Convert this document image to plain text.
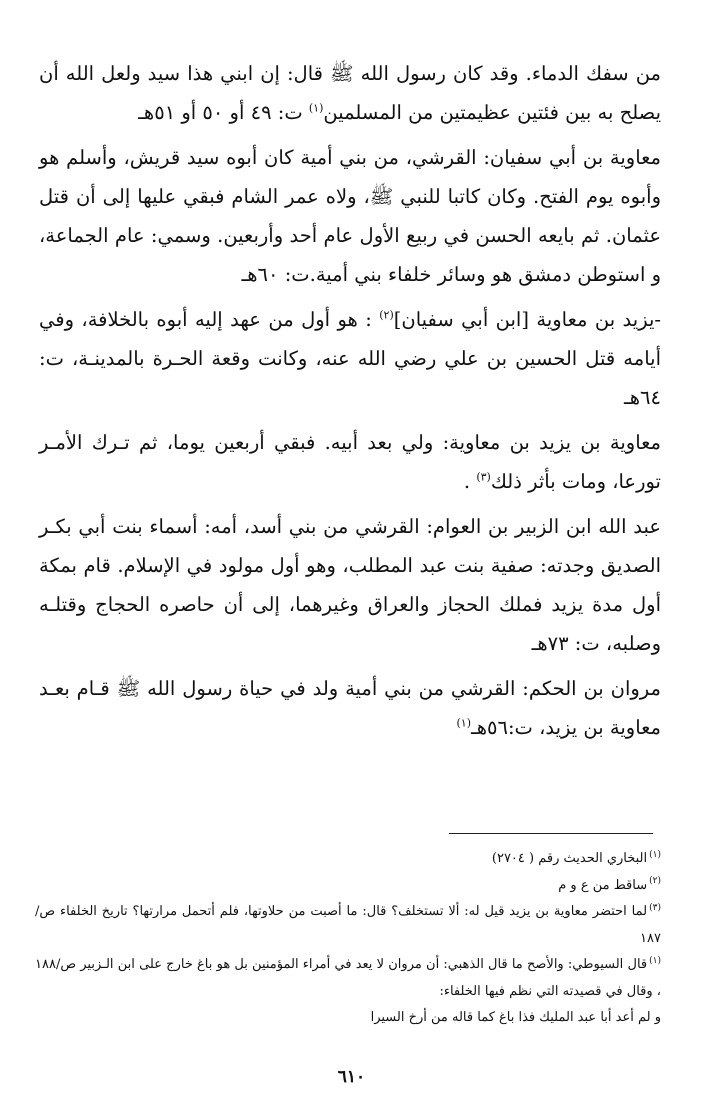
من سفك الدماء. وقد كان رسول الله ﷺ قال: إن ابني هذا سيد ولعل الله أن يصلح به بين فئتين عظيمتين من المسلمين$^{(١)}$ ت: ٤٩ أو ٥٠ أو ٥١هـ

معاوية بن أبي سفيان: القرشي، من بني أمية كان أبوه سيد قريش، وأسلم هو وأبوه يوم الفتح. وكان كاتبا للنبي ﷺ، ولاه عمر الشام فبقي عليها إلى أن قتل عثمان. ثم بايعه الحسن في ربيع الأول عام أحد وأربعين. وسمي: عام الجماعة، و استوطن دمشق هو وسائر خلفاء بني أمية.ت: ٦٠هـ

-يزيد بن معاوية [ابن أبي سفيان]$^{(٢)}$ : هو أول من عهد إليه أبوه بالخلافة، وفي أيامه قتل الحسين بن علي رضي الله عنه، وكانت وقعة الحـرة بالمدينـة، ت: ٦٤هـ

معاوية بن يزيد بن معاوية: ولي بعد أبيه. فبقي أربعين يوما، ثم تـرك الأمـر تورعا، ومات بأثر ذلك$^{(٣)}$ .

عبد الله ابن الزبير بن العوام: القرشي من بني أسد، أمه: أسماء بنت أبي بكـر الصديق وجدته: صفية بنت عبد المطلب، وهو أول مولود في الإسلام. قام بمكة أول مدة يزيد فملك الحجاز والعراق وغيرهما، إلى أن حاصره الحجاج وقتلـه وصلبه، ت: ٧٣هـ

مروان بن الحكم: القرشي من بني أمية ولد في حياة رسول الله ﷺ قـام بعـد معاوية بن يزيد، ت:٥٦هـ$^{(١)}$

$^{(١)}$البخاري الحديث رقم ( ٢٧٠٤)

$^{(٢)}$ساقط من ع و م

$^{(٣)}$لما احتضر معاوية بن يزيد قيل له: ألا تستخلف؟ قال: ما أصبت من حلاوتها، فلم أتحمل مرارتها؟ تاريخ الخلفاء ص/١٨٧

$^{(١)}$قال السيوطي: والأصح ما قال الذهبي: أن مروان لا يعد في أمراء المؤمنين بل هو باغ خارج على ابن الـزبير ص/١٨٨ ، وقال في قصيدته التي نظم فيها الخلفاء:

و لم أعد أبا عبد المليك فذا باغ كما قاله من أرخ السيرا

٦١٠
